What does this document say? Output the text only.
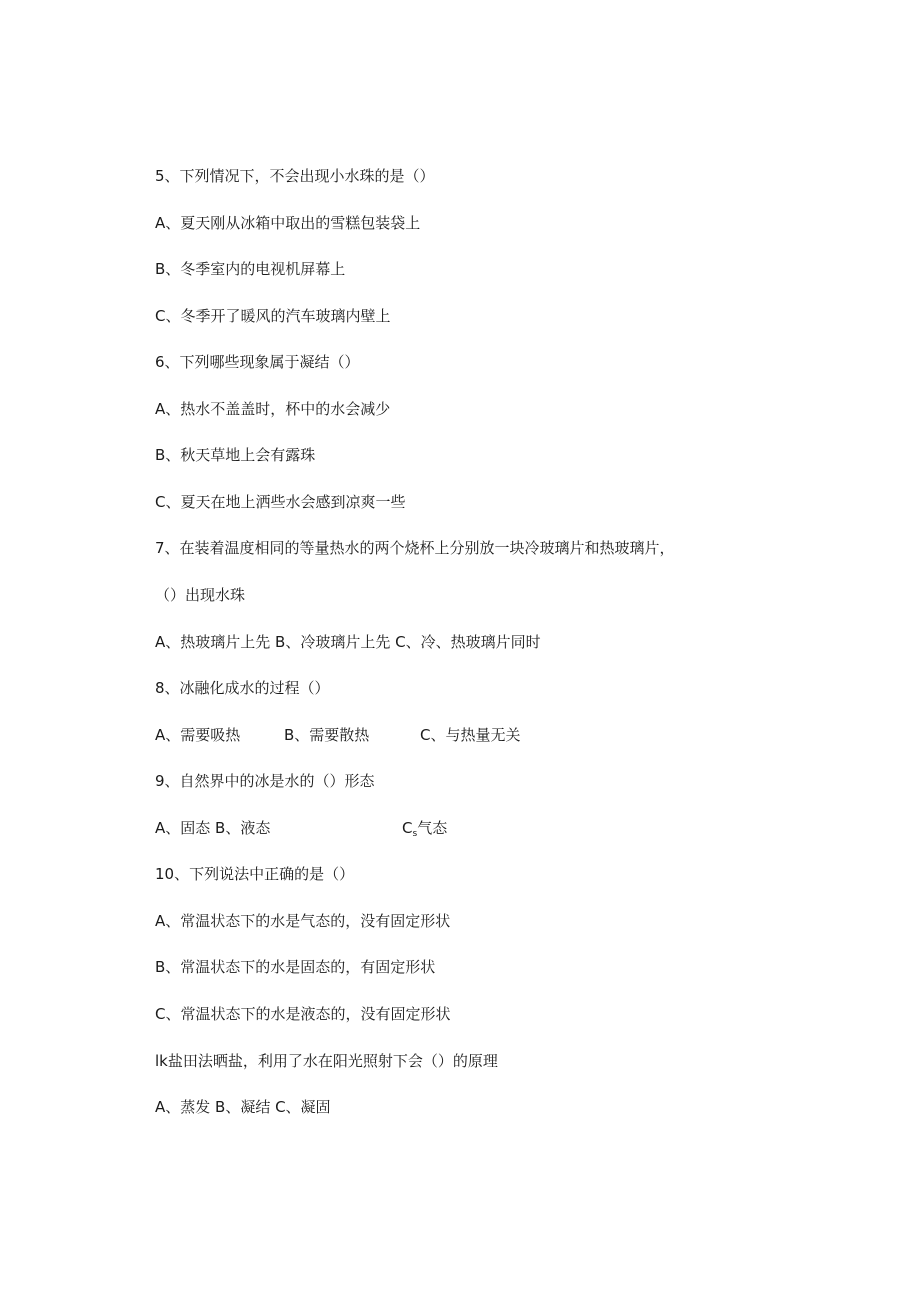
5、下列情况下，不会出现小水珠的是（）
A、夏天刚从冰箱中取出的雪糕包装袋上
B、冬季室内的电视机屏幕上
C、冬季开了暖风的汽车玻璃内壁上
6、下列哪些现象属于凝结（）
A、热水不盖盖时，杯中的水会减少
B、秋天草地上会有露珠
C、夏天在地上洒些水会感到凉爽一些
7、在装着温度相同的等量热水的两个烧杯上分别放一块冷玻璃片和热玻璃片，
（）出现水珠
A、热玻璃片上先 B、冷玻璃片上先 C、冷、热玻璃片同时
8、冰融化成水的过程（）
A、需要吸热	B、需要散热	C、与热量无关
9、自然界中的冰是水的（）形态
A、固态 B、液态	$C_s$气态
10、下列说法中正确的是（）
A、常温状态下的水是气态的，没有固定形状
B、常温状态下的水是固态的，有固定形状
C、常温状态下的水是液态的，没有固定形状
lk盐田法晒盐，利用了水在阳光照射下会（）的原理
A、蒸发 B、凝结 C、凝固
